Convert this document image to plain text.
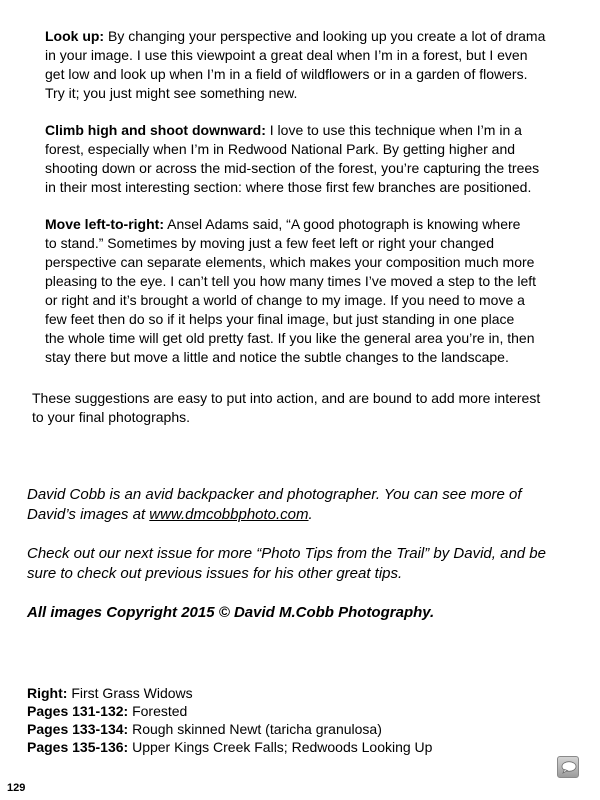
Look up: By changing your perspective and looking up you create a lot of drama

in your image. I use this viewpoint a great deal when I’m in a forest, but I even

get low and look up when I’m in a field of wildflowers or in a garden of flowers.

Try it; you just might see something new.

Climb high and shoot downward: I love to use this technique when I’m in a

forest, especially when I’m in Redwood National Park. By getting higher and

shooting down or across the mid-section of the forest, you’re capturing the trees

in their most interesting section: where those first few branches are positioned.

Move left-to-right: Ansel Adams said, “A good photograph is knowing where

to stand.” Sometimes by moving just a few feet left or right your changed

perspective can separate elements, which makes your composition much more

pleasing to the eye. I can’t tell you how many times I’ve moved a step to the left

or right and it’s brought a world of change to my image. If you need to move a

few feet then do so if it helps your final image, but just standing in one place

the whole time will get old pretty fast. If you like the general area you’re in, then

stay there but move a little and notice the subtle changes to the landscape.

These suggestions are easy to put into action, and are bound to add more interest
to your final photographs.

David Cobb is an avid backpacker and photographer. You can see more of
David’s images at www.dmcobbphoto.com.

Check out our next issue for more “Photo Tips from the Trail” by David, and be
sure to check out previous issues for his other great tips.

All images Copyright 2015 © David M.Cobb Photography.

Right: First Grass Widows
Pages 131-132: Forested
Pages 133-134: Rough skinned Newt (taricha granulosa)
Pages 135-136: Upper Kings Creek Falls; Redwoods Looking Up
129
